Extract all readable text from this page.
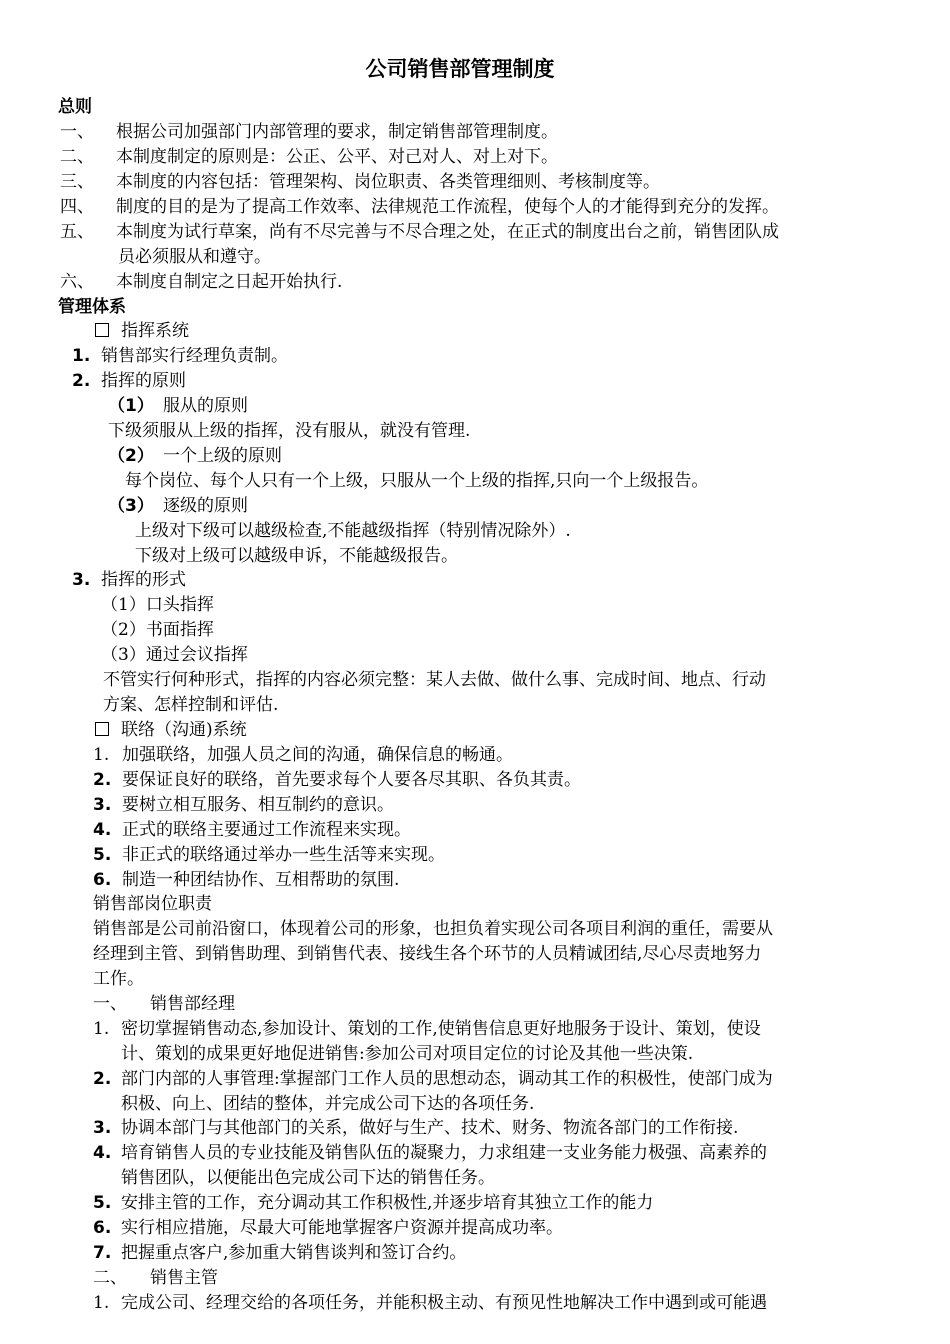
公司销售部管理制度
总则
一、 根据公司加强部门内部管理的要求，制定销售部管理制度。
二、 本制度制定的原则是：公正、公平、对己对人、对上对下。
三、 本制度的内容包括：管理架构、岗位职责、各类管理细则、考核制度等。
四、 制度的目的是为了提高工作效率、法律规范工作流程，使每个人的才能得到充分的发挥。
五、 本制度为试行草案，尚有不尽完善与不尽合理之处，在正式的制度出台之前，销售团队成
员必须服从和遵守。
六、 本制度自制定之日起开始执行.
管理体系
指挥系统
1. 销售部实行经理负责制。
2. 指挥的原则
（1） 服从的原则
下级须服从上级的指挥，没有服从，就没有管理.
（2） 一个上级的原则
每个岗位、每个人只有一个上级，只服从一个上级的指挥,只向一个上级报告。
（3） 逐级的原则
上级对下级可以越级检查,不能越级指挥（特别情况除外）.
下级对上级可以越级申诉，不能越级报告。
3. 指挥的形式
（1）口头指挥
（2）书面指挥
（3）通过会议指挥
不管实行何种形式，指挥的内容必须完整：某人去做、做什么事、完成时间、地点、行动
方案、怎样控制和评估.
联络（沟通)系统
1. 加强联络，加强人员之间的沟通，确保信息的畅通。
2. 要保证良好的联络，首先要求每个人要各尽其职、各负其责。
3. 要树立相互服务、相互制约的意识。
4. 正式的联络主要通过工作流程来实现。
5. 非正式的联络通过举办一些生活等来实现。
6. 制造一种团结协作、互相帮助的氛围.
销售部岗位职责
销售部是公司前沿窗口，体现着公司的形象，也担负着实现公司各项目利润的重任，需要从
经理到主管、到销售助理、到销售代表、接线生各个环节的人员精诚团结,尽心尽责地努力
工作。
一、 销售部经理
1. 密切掌握销售动态,参加设计、策划的工作,使销售信息更好地服务于设计、策划，使设
计、策划的成果更好地促进销售:参加公司对项目定位的讨论及其他一些决策.
2. 部门内部的人事管理:掌握部门工作人员的思想动态，调动其工作的积极性，使部门成为
积极、向上、团结的整体，并完成公司下达的各项任务.
3. 协调本部门与其他部门的关系，做好与生产、技术、财务、物流各部门的工作衔接.
4. 培育销售人员的专业技能及销售队伍的凝聚力，力求组建一支业务能力极强、高素养的
销售团队，以便能出色完成公司下达的销售任务。
5. 安排主管的工作，充分调动其工作积极性,并逐步培育其独立工作的能力
6. 实行相应措施，尽最大可能地掌握客户资源并提高成功率。
7. 把握重点客户,参加重大销售谈判和签订合约。
二、 销售主管
1. 完成公司、经理交给的各项任务，并能积极主动、有预见性地解决工作中遇到或可能遇
